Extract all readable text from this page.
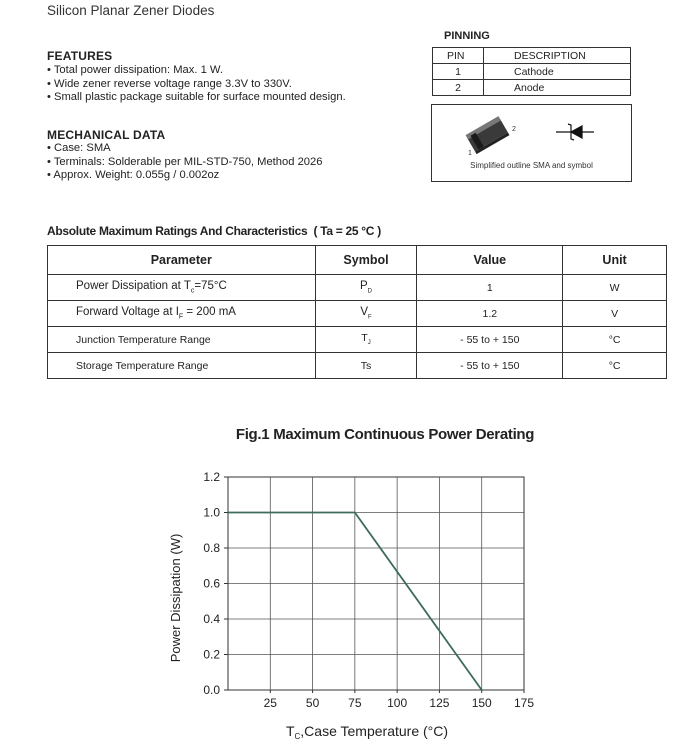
Silicon Planar Zener Diodes
FEATURES
• Total power dissipation: Max. 1 W.
• Wide zener reverse voltage range 3.3V to 330V.
• Small plastic package suitable for surface mounted design.
MECHANICAL DATA
• Case: SMA
• Terminals: Solderable per MIL-STD-750, Method 2026
• Approx. Weight: 0.055g / 0.002oz
PINNING
PIN	DESCRIPTION
1	Cathode
2	Anode
2
1
Simplified outline SMA and symbol
Absolute Maximum Ratings And Characteristics ( Ta = 25 °C )
Parameter	Symbol	Value	Unit
Power Dissipation at $T_c=75^\circ C$	$P_D$	1	W
Forward Voltage at $I_F = 200$ mA	$V_F$	1.2	V
Junction Temperature Range	$T_J$	- 55 to + 150	°C
Storage Temperature Range	Ts	- 55 to + 150	°C
Fig.1 Maximum Continuous Power Derating
25 50 75 100 125 150 175
0.0
0.2
0.4
0.6
0.8
1.0
1.2
Power Dissipation (W)
$T_C,Case$ Temperature (°C)
